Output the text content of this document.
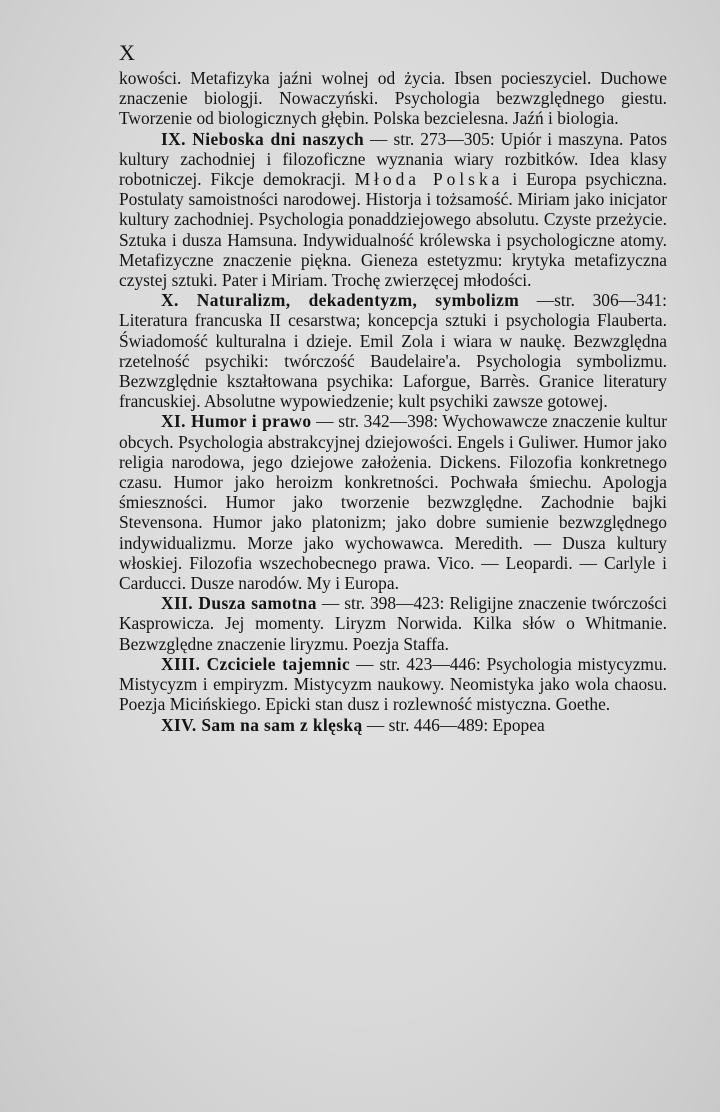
X

kowości. Metafizyka jaźni wolnej od życia. Ibsen pocieszyciel. Duchowe znaczenie biologji. Nowaczyński. Psychologia bezwzględnego giestu. Tworzenie od biologicznych głębin. Polska bezcielesna. Jaźń i biologia.

IX. Nieboska dni naszych — str. 273—305: Upiór i maszyna. Patos kultury zachodniej i filozoficzne wyznania wiary rozbitków. Idea klasy robotniczej. Fikcje demokracji. Młoda Polska i Europa psychiczna. Postulaty samoistności narodowej. Historja i tożsamość. Miriam jako inicjator kultury zachodniej. Psychologia ponaddziejowego absolutu. Czyste przeżycie. Sztuka i dusza Hamsuna. Indywidualność królewska i psychologiczne atomy. Metafizyczne znaczenie piękna. Gieneza estetyzmu: krytyka metafizyczna czystej sztuki. Pater i Miriam. Trochę zwierzęcej młodości.

X. Naturalizm, dekadentyzm, symbolizm —str. 306—341: Literatura francuska II cesarstwa; koncepcja sztuki i psychologia Flauberta. Świadomość kulturalna i dzieje. Emil Zola i wiara w naukę. Bezwzględna rzetelność psychiki: twórczość Baudelaire'a. Psychologia symbolizmu. Bezwzględnie kształtowana psychika: Laforgue, Barrès. Granice literatury francuskiej. Absolutne wypowiedzenie; kult psychiki zawsze gotowej.

XI. Humor i prawo — str. 342—398: Wychowawcze znaczenie kultur obcych. Psychologia abstrakcyjnej dziejowości. Engels i Guliwer. Humor jako religia narodowa, jego dziejowe założenia. Dickens. Filozofia konkretnego czasu. Humor jako heroizm konkretności. Pochwała śmiechu. Apologja śmieszności. Humor jako tworzenie bezwzględne. Zachodnie bajki Stevensona. Humor jako platonizm; jako dobre sumienie bezwzględnego indywidualizmu. Morze jako wychowawca. Meredith. — Dusza kultury włoskiej. Filozofia wszechobecnego prawa. Vico. — Leopardi. — Carlyle i Carducci. Dusze narodów. My i Europa.

XII. Dusza samotna — str. 398—423: Religijne znaczenie twórczości Kasprowicza. Jej momenty. Liryzm Norwida. Kilka słów o Whitmanie. Bezwzględne znaczenie liryzmu. Poezja Staffa.

XIII. Czciciele tajemnic — str. 423—446: Psychologia mistycyzmu. Mistycyzm i empiryzm. Mistycyzm naukowy. Neomistyka jako wola chaosu. Poezja Micińskiego. Epicki stan dusz i rozlewność mistyczna. Goethe.

XIV. Sam na sam z klęską — str. 446—489: Epopea
